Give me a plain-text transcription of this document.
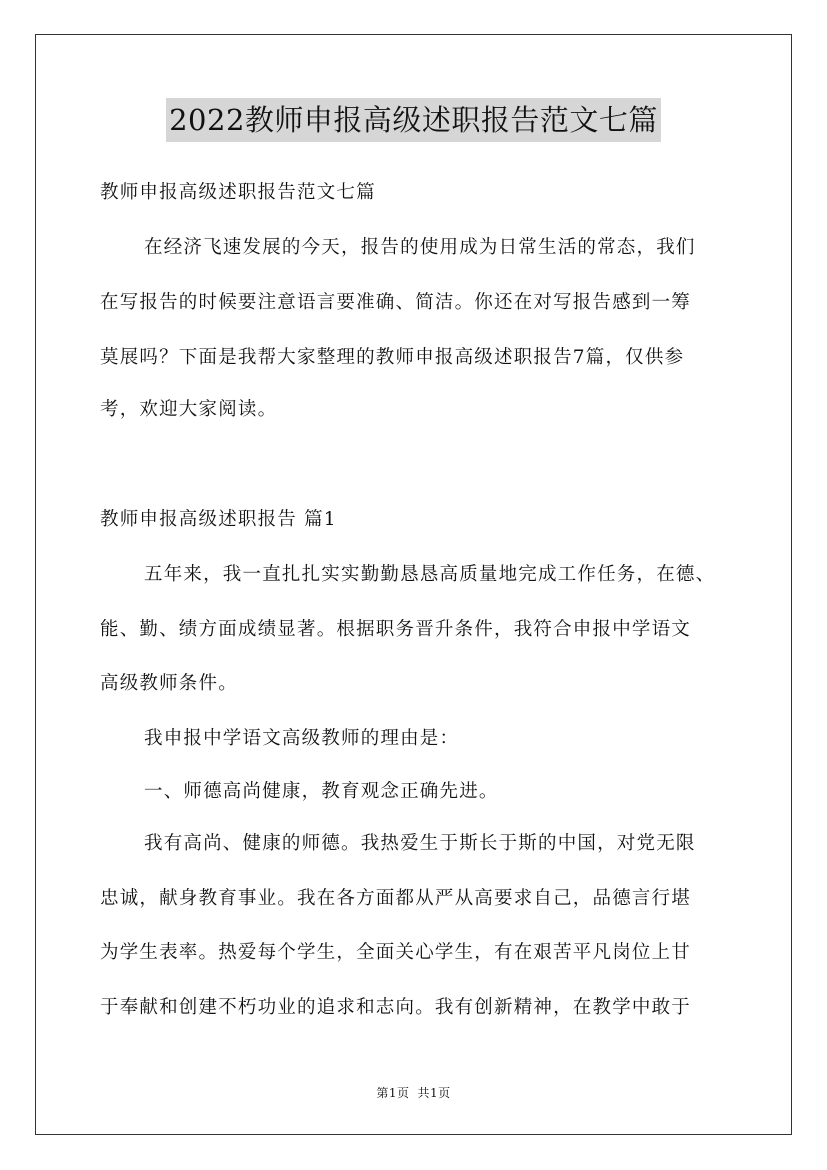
2022教师申报高级述职报告范文七篇
教师申报高级述职报告范文七篇
在经济飞速发展的今天，报告的使用成为日常生活的常态，我们
在写报告的时候要注意语言要准确、简洁。你还在对写报告感到一筹
莫展吗？下面是我帮大家整理的教师申报高级述职报告7篇，仅供参
考，欢迎大家阅读。
教师申报高级述职报告 篇1
五年来，我一直扎扎实实勤勤恳恳高质量地完成工作任务，在德、
能、勤、绩方面成绩显著。根据职务晋升条件，我符合申报中学语文
高级教师条件。
我申报中学语文高级教师的理由是：
一、师德高尚健康，教育观念正确先进。
我有高尚、健康的师德。我热爱生于斯长于斯的中国，对党无限
忠诚，献身教育事业。我在各方面都从严从高要求自己，品德言行堪
为学生表率。热爱每个学生，全面关心学生，有在艰苦平凡岗位上甘
于奉献和创建不朽功业的追求和志向。我有创新精神，在教学中敢于
第1页 共1页
